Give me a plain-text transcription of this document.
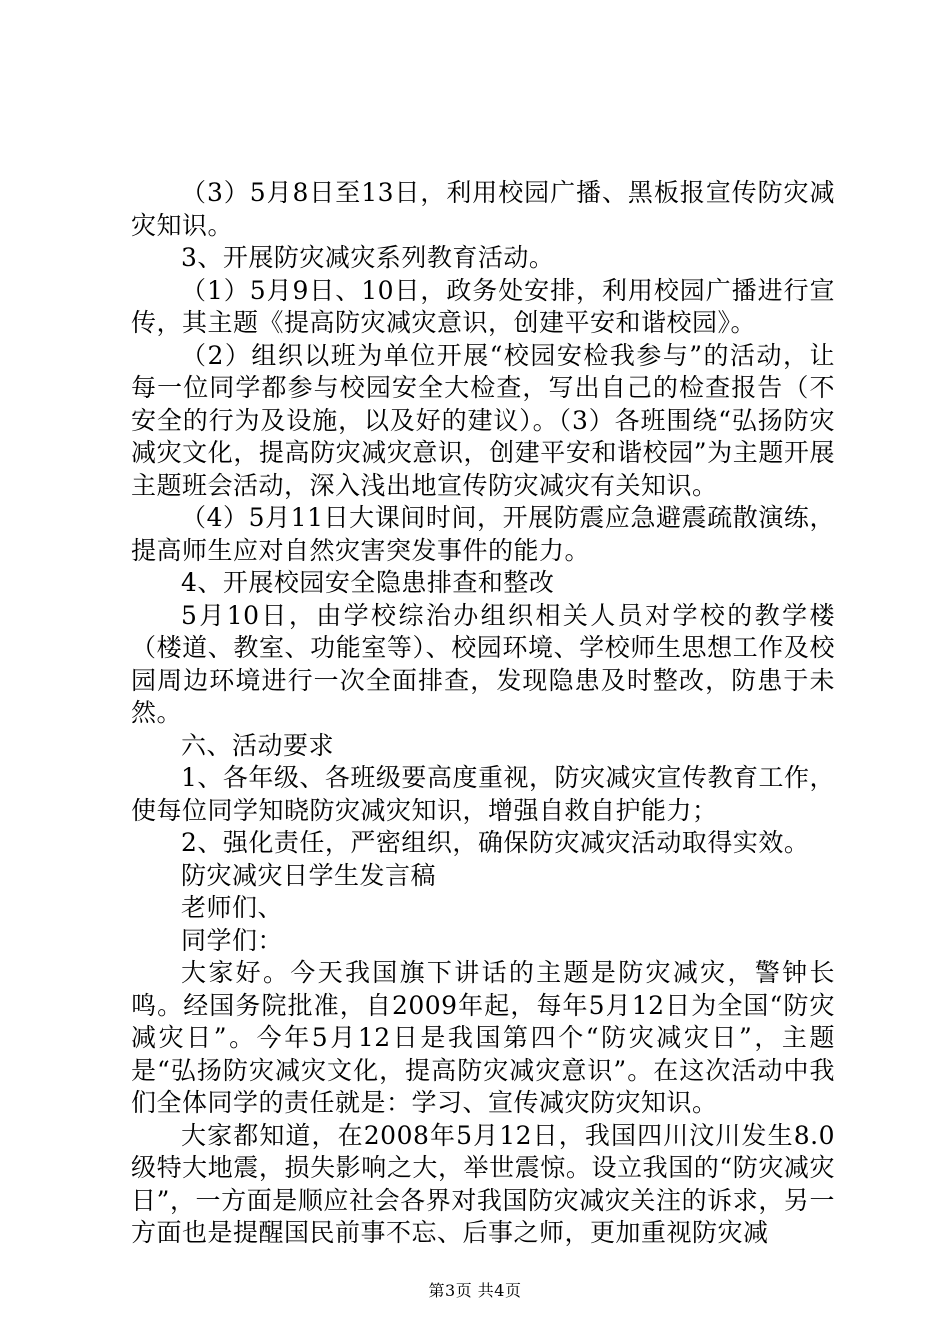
（3）5月8日至13日，利用校园广播、黑板报宣传防灾减灾知识。

3、开展防灾减灾系列教育活动。

（1）5月9日、10日，政务处安排，利用校园广播进行宣传，其主题《提高防灾减灾意识，创建平安和谐校园》。

（2）组织以班为单位开展“校园安检我参与”的活动，让每一位同学都参与校园安全大检查，写出自己的检查报告（不安全的行为及设施，以及好的建议）。（3）各班围绕“弘扬防灾减灾文化，提高防灾减灾意识，创建平安和谐校园”为主题开展主题班会活动，深入浅出地宣传防灾减灾有关知识。

（4）5月11日大课间时间，开展防震应急避震疏散演练，提高师生应对自然灾害突发事件的能力。

4、开展校园安全隐患排查和整改

5月10日，由学校综治办组织相关人员对学校的教学楼（楼道、教室、功能室等）、校园环境、学校师生思想工作及校园周边环境进行一次全面排查，发现隐患及时整改，防患于未然。

六、活动要求

1、各年级、各班级要高度重视，防灾减灾宣传教育工作，使每位同学知晓防灾减灾知识，增强自救自护能力；

2、强化责任，严密组织，确保防灾减灾活动取得实效。

防灾减灾日学生发言稿

老师们、

同学们：

大家好。今天我国旗下讲话的主题是防灾减灾，警钟长鸣。经国务院批准，自2009年起，每年5月12日为全国“防灾减灾日”。今年5月12日是我国第四个“防灾减灾日”，主题是“弘扬防灾减灾文化，提高防灾减灾意识”。在这次活动中我们全体同学的责任就是：学习、宣传减灾防灾知识。

大家都知道，在2008年5月12日，我国四川汶川发生8.0级特大地震，损失影响之大，举世震惊。设立我国的“防灾减灾日”，一方面是顺应社会各界对我国防灾减灾关注的诉求，另一方面也是提醒国民前事不忘、后事之师，更加重视防灾减

第3页 共4页
